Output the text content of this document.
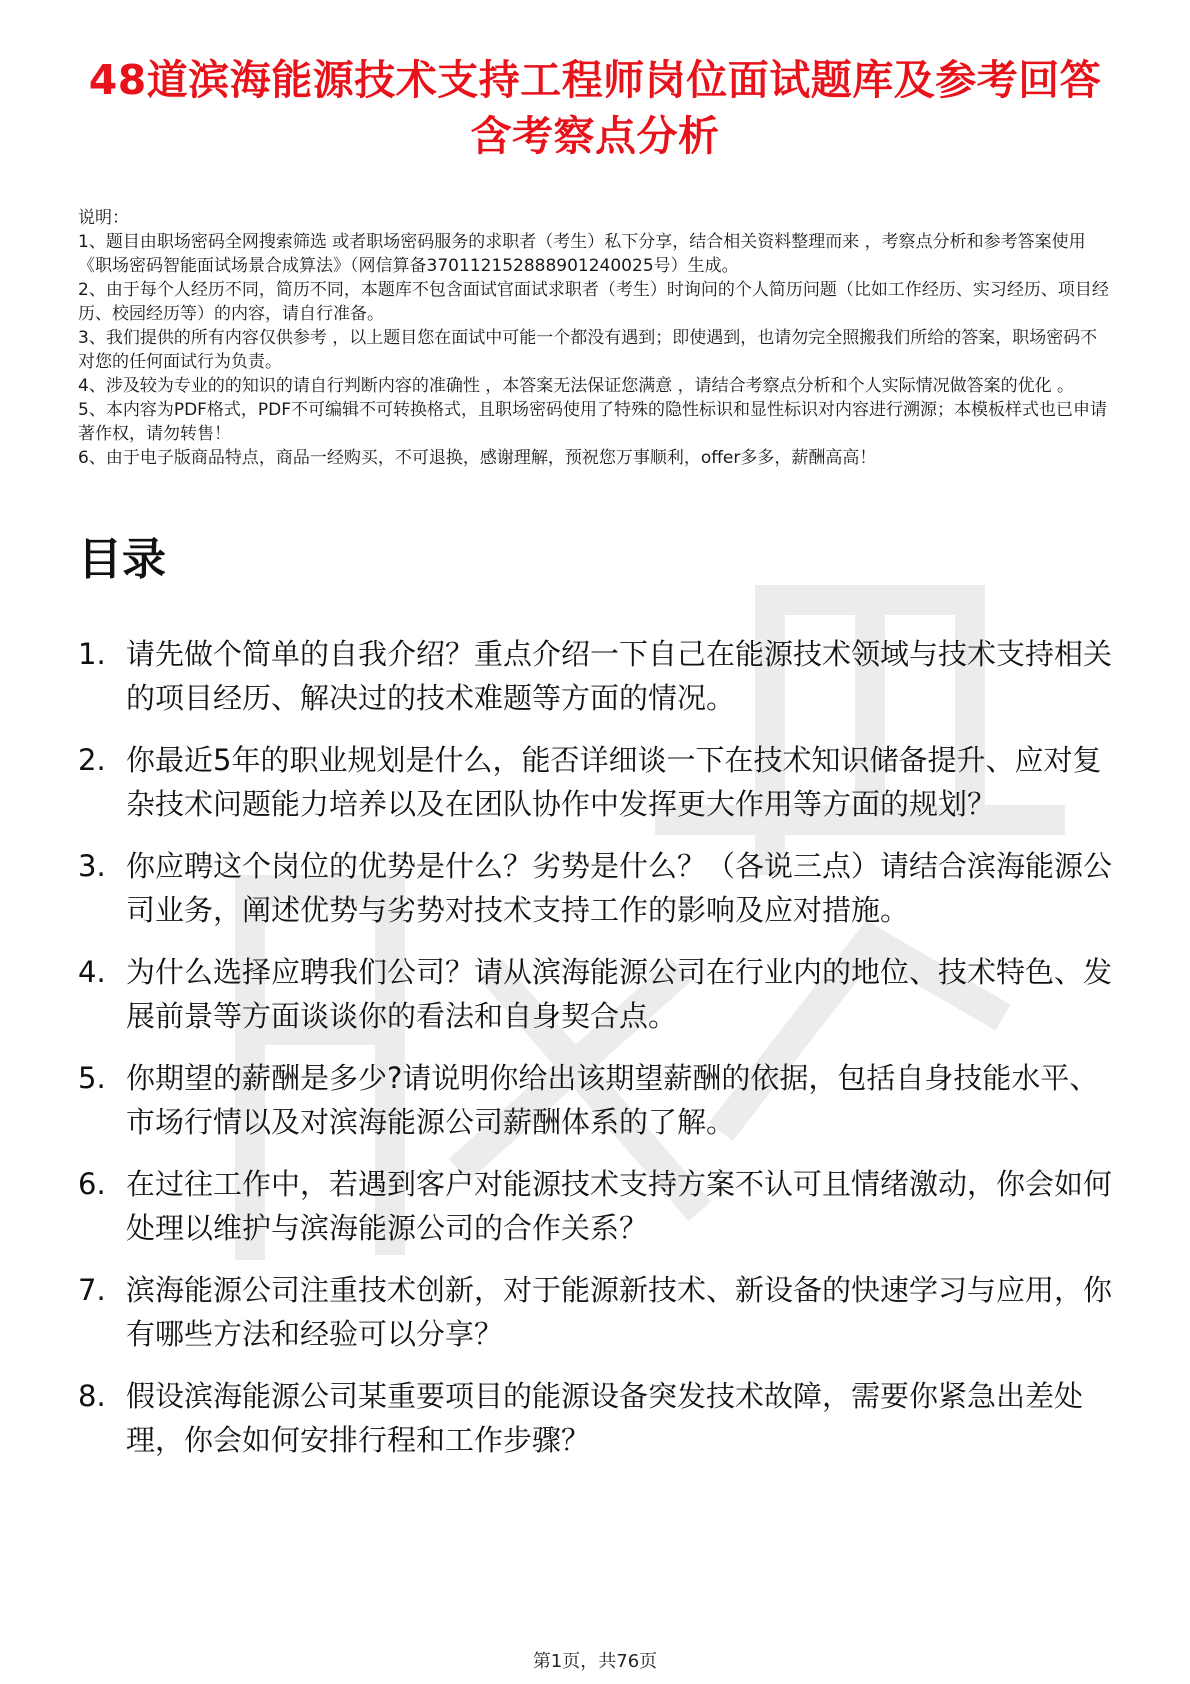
48道滨海能源技术支持工程师岗位面试题库及参考回答含考察点分析

说明：

1、题目由职场密码全网搜索筛选 或者职场密码服务的求职者（考生）私下分享，结合相关资料整理而来 ，考察点分析和参考答案使用《职场密码智能面试场景合成算法》（网信算备370112152888901240025号）生成。

2、由于每个人经历不同，简历不同，本题库不包含面试官面试求职者（考生）时询问的个人简历问题（比如工作经历、实习经历、项目经历、校园经历等）的内容，请自行准备。

3、我们提供的所有内容仅供参考 ，以上题目您在面试中可能一个都没有遇到；即使遇到，也请勿完全照搬我们所给的答案，职场密码不对您的任何面试行为负责。

4、涉及较为专业的的知识的请自行判断内容的准确性 ，本答案无法保证您满意 ，请结合考察点分析和个人实际情况做答案的优化 。

5、本内容为PDF格式，PDF不可编辑不可转换格式，且职场密码使用了特殊的隐性标识和显性标识对内容进行溯源；本模板样式也已申请著作权，请勿转售！

6、由于电子版商品特点，商品一经购买，不可退换，感谢理解，预祝您万事顺利，offer多多，薪酬高高！

目录
1. 请先做个简单的自我介绍？重点介绍一下自己在能源技术领域与技术支持相关的项目经历、解决过的技术难题等方面的情况。
2. 你最近5年的职业规划是什么，能否详细谈一下在技术知识储备提升、应对复杂技术问题能力培养以及在团队协作中发挥更大作用等方面的规划？
3. 你应聘这个岗位的优势是什么？劣势是什么？（各说三点）请结合滨海能源公司业务，阐述优势与劣势对技术支持工作的影响及应对措施。
4. 为什么选择应聘我们公司？请从滨海能源公司在行业内的地位、技术特色、发展前景等方面谈谈你的看法和自身契合点。
5. 你期望的薪酬是多少?请说明你给出该期望薪酬的依据，包括自身技能水平、市场行情以及对滨海能源公司薪酬体系的了解。
6. 在过往工作中，若遇到客户对能源技术支持方案不认可且情绪激动，你会如何处理以维护与滨海能源公司的合作关系？
7. 滨海能源公司注重技术创新，对于能源新技术、新设备的快速学习与应用，你有哪些方法和经验可以分享？
8. 假设滨海能源公司某重要项目的能源设备突发技术故障，需要你紧急出差处理，你会如何安排行程和工作步骤？
第1页，共76页
